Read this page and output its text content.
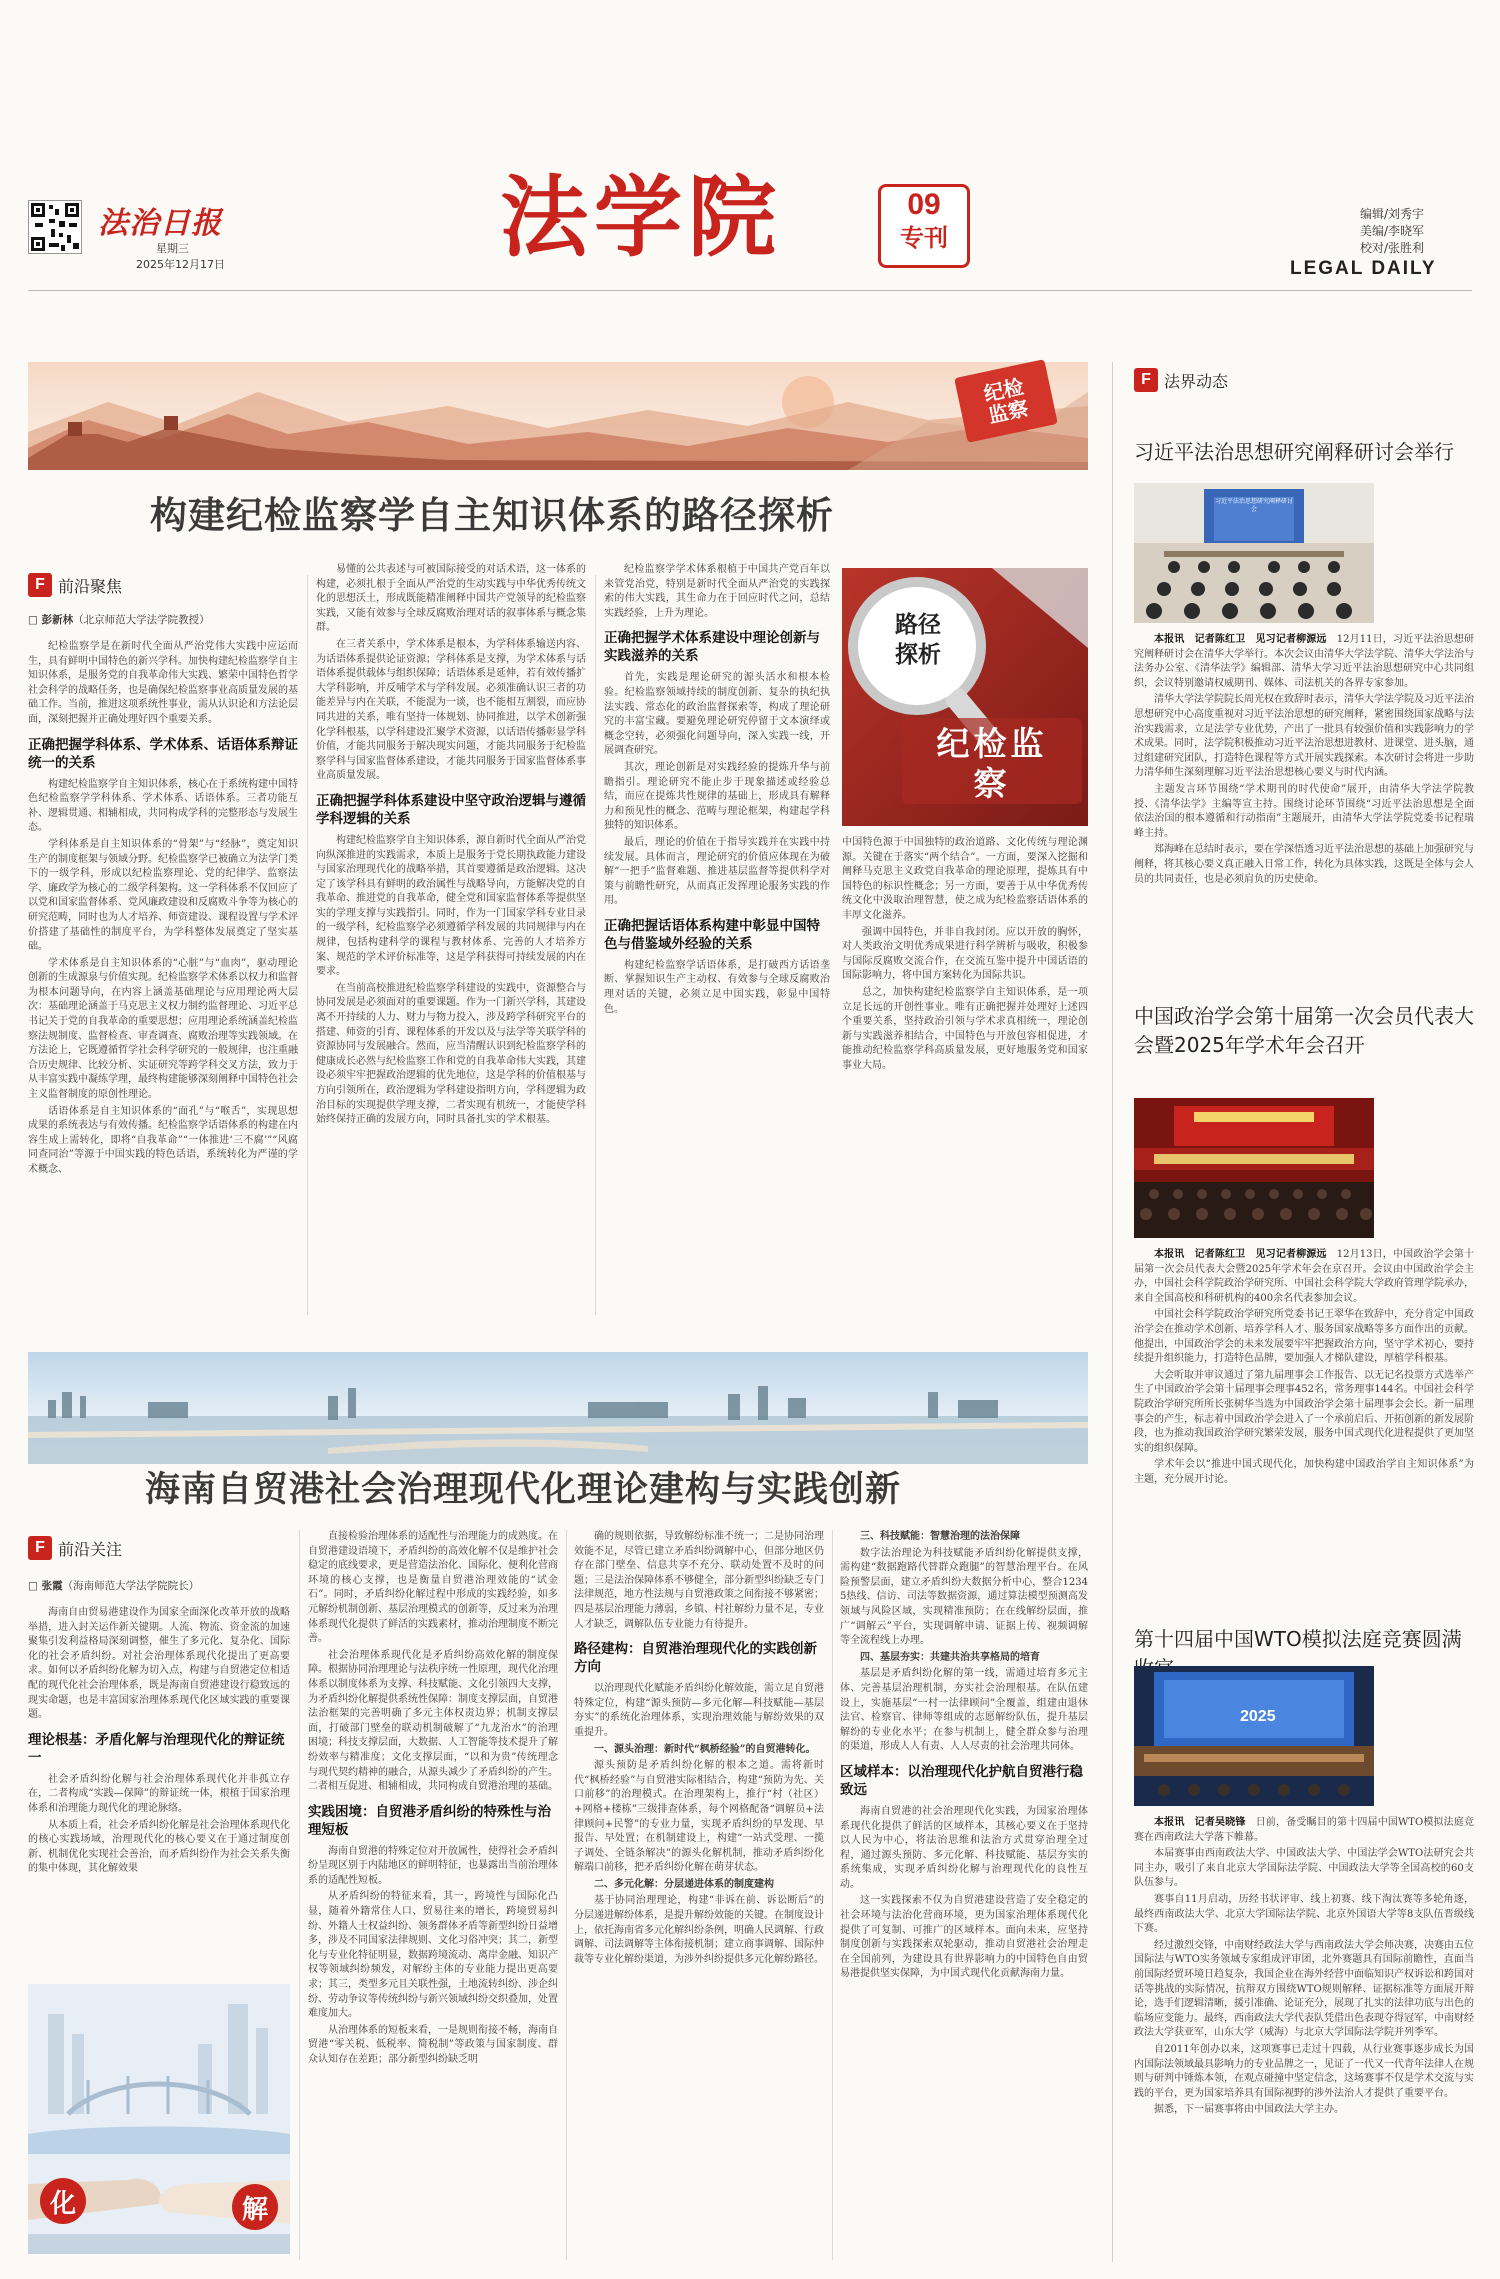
法治日报
星期三
2025年12月17日	法学院	09
专刊
编辑/刘秀宇
美编/李晓军
校对/张胜利
LEGAL DAILY
纪检监察
构建纪检监察学自主知识体系的路径探析
F 前沿聚焦
□ 彭新林（北京师范大学法学院教授）

纪检监察学是在新时代全面从严治党伟大实践中应运而生，具有鲜明中国特色的新兴学科。加快构建纪检监察学自主知识体系，是服务党的自我革命伟大实践、繁荣中国特色哲学社会科学的战略任务，也是确保纪检监察事业高质量发展的基础工作。当前，推进这项系统性事业，需从认识论和方法论层面，深刻把握并正确处理好四个重要关系。

正确把握学科体系、学术体系、话语体系辩证统一的关系

构建纪检监察学自主知识体系，核心在于系统构建中国特色纪检监察学学科体系、学术体系、话语体系。三者功能互补、逻辑贯通、相辅相成，共同构成学科的完整形态与发展生态。

学科体系是自主知识体系的“骨架”与“经脉”，奠定知识生产的制度框架与领域分野。纪检监察学已被确立为法学门类下的一级学科，形成以纪检监察理论、党的纪律学、监察法学、廉政学为核心的二级学科架构。这一学科体系不仅回应了以党和国家监督体系、党风廉政建设和反腐败斗争等为核心的研究范畴，同时也为人才培养、师资建设、课程设置与学术评价搭建了基础性的制度平台，为学科整体发展奠定了坚实基础。

学术体系是自主知识体系的“心脏”与“血肉”，驱动理论创新的生成源泉与价值实现。纪检监察学术体系以权力和监督为根本问题导向，在内容上涵盖基础理论与应用理论两大层次：基础理论涵盖于马克思主义权力制约监督理论、习近平总书记关于党的自我革命的重要思想；应用理论系统涵盖纪检监察法规制度、监督检查、审查调查、腐败治理等实践领域。在方法论上，它既遵循哲学社会科学研究的一般规律，也注重融合历史规律、比较分析、实证研究等跨学科交叉方法，致力于从丰富实践中凝练学理，最终构建能够深刻阐释中国特色社会主义监督制度的原创性理论。

话语体系是自主知识体系的“面孔”与“喉舌”，实现思想成果的系统表达与有效传播。纪检监察学话语体系的构建在内容生成上需转化，即将“自我革命”“一体推进‘三不腐’”“风腐同查同治”等源于中国实践的特色话语，系统转化为严谨的学术概念、

易懂的公共表述与可被国际接受的对话术语，这一体系的构建，必须扎根于全面从严治党的生动实践与中华优秀传统文化的思想沃土，形成既能精准阐释中国共产党领导的纪检监察实践，又能有效参与全球反腐败治理对话的叙事体系与概念集群。

在三者关系中，学术体系是根本，为学科体系输送内容、为话语体系提供论证资源；学科体系是支撑，为学术体系与话语体系提供载体与组织保障；话语体系是延伸，若有效传播扩大学科影响，并反哺学术与学科发展。必须准确认识三者的功能差异与内在关联，不能混为一谈，也不能相互割裂，而应协同共进的关系，唯有坚持一体规划、协同推进，以学术创新强化学科根基，以学科建设汇聚学术资源，以话语传播彰显学科价值，才能共同服务于解决现实问题，才能共同服务于纪检监察学科与国家监督体系建设，才能共同服务于国家监督体系事业高质量发展。

正确把握学科体系建设中坚守政治逻辑与遵循学科逻辑的关系

构建纪检监察学自主知识体系，源自新时代全面从严治党向纵深推进的实践需求，本质上是服务于党长期执政能力建设与国家治理现代化的战略举措，其首要遵循是政治逻辑。这决定了该学科具有鲜明的政治属性与战略导向，方能解决党的自我革命、推进党的自我革命，健全党和国家监督体系等提供坚实的学理支撑与实践指引。同时，作为一门国家学科专业目录的一级学科，纪检监察学必须遵循学科发展的共同规律与内在规律，包括构建科学的课程与教材体系、完善的人才培养方案、规范的学术评价标准等，这是学科获得可持续发展的内在要求。

在当前高校推进纪检监察学科建设的实践中，资源整合与协同发展是必须面对的重要课题。作为一门新兴学科，其建设离不开持续的人力、财力与物力投入，涉及跨学科研究平台的搭建、师资的引育、课程体系的开发以及与法学等关联学科的资源协同与发展融合。然而，应当清醒认识到纪检监察学科的健康成长必然与纪检监察工作和党的自我革命伟大实践，其建设必须牢牢把握政治逻辑的优先地位，这是学科的价值根基与方向引领所在，政治逻辑为学科建设指明方向，学科逻辑为政治目标的实现提供学理支撑，二者实现有机统一，才能使学科始终保持正确的发展方向，同时具备扎实的学术根基。

纪检监察学学术体系根植于中国共产党百年以来管党治党，特别是新时代全面从严治党的实践探索的伟大实践，其生命力在于回应时代之问，总结实践经验，上升为理论。

正确把握学术体系建设中理论创新与实践滋养的关系

首先，实践是理论研究的源头活水和根本检验。纪检监察领域持续的制度创新、复杂的执纪执法实践、常态化的政治监督探索等，构成了理论研究的丰富宝藏。要避免理论研究停留于文本演绎或概念空转，必须强化问题导向，深入实践一线，开展调查研究。

其次，理论创新是对实践经验的提炼升华与前瞻指引。理论研究不能止步于现象描述或经验总结，而应在提炼共性规律的基础上，形成具有解释力和预见性的概念、范畴与理论框架，构建起学科独特的知识体系。

最后，理论的价值在于指导实践并在实践中持续发展。具体而言，理论研究的价值应体现在为破解“一把手”监督难题、推进基层监督等提供科学对策与前瞻性研究，从而真正发挥理论服务实践的作用。

正确把握话语体系构建中彰显中国特色与借鉴域外经验的关系

构建纪检监察学话语体系，是打破西方话语垄断、掌握知识生产主动权、有效参与全球反腐败治理对话的关键，必须立足中国实践，彰显中国特色。

路径
探析
纪检监察

中国特色源于中国独特的政治道路、文化传统与理论渊源。关键在于落实“两个结合”。一方面，要深入挖掘和阐释马克思主义政党自我革命的理论原理，提炼具有中国特色的标识性概念；另一方面，要善于从中华优秀传统文化中汲取治理智慧，使之成为纪检监察话语体系的丰厚文化滋养。

强调中国特色，并非自我封闭。应以开放的胸怀，对人类政治文明优秀成果进行科学辨析与吸收，积极参与国际反腐败交流合作，在交流互鉴中提升中国话语的国际影响力，将中国方案转化为国际共识。

总之，加快构建纪检监察学自主知识体系，是一项立足长远的开创性事业。唯有正确把握并处理好上述四个重要关系，坚持政治引领与学术求真相统一，理论创新与实践滋养相结合，中国特色与开放包容相促进，才能推动纪检监察学科高质量发展，更好地服务党和国家事业大局。

海南自贸港社会治理现代化理论建构与实践创新
F 前沿关注
□ 张霞（海南师范大学法学院院长）

海南自由贸易港建设作为国家全面深化改革开放的战略举措，进入封关运作新关键期。人流、物流、资金流的加速聚集引发利益格局深刻调整，催生了多元化、复杂化、国际化的社会矛盾纠纷。对社会治理体系现代化提出了更高要求。如何以矛盾纠纷化解为切入点，构建与自贸港定位相适配的现代化社会治理体系，既是海南自贸港建设行稳致远的现实命题，也是丰富国家治理体系现代化区域实践的重要课题。

理论根基：矛盾化解与治理现代化的辩证统一

社会矛盾纠纷化解与社会治理体系现代化并非孤立存在，二者构成“实践—保障”的辩证统一体，根植于国家治理体系和治理能力现代化的理论脉络。

从本质上看，社会矛盾纠纷化解是社会治理体系现代化的核心实践场域，治理现代化的核心要义在于通过制度创新、机制优化实现社会善治，而矛盾纠纷作为社会关系失衡的集中体现，其化解效果

化	解

直接检验治理体系的适配性与治理能力的成熟度。在自贸港建设语境下，矛盾纠纷的高效化解不仅是维护社会稳定的底线要求，更是营造法治化、国际化、便利化营商环境的核心支撑，也是衡量自贸港治理效能的“试金石”。同时，矛盾纠纷化解过程中形成的实践经验，如多元解纷机制创新、基层治理模式的创新等，反过来为治理体系现代化提供了鲜活的实践素材，推动治理制度不断完善。

社会治理体系现代化是矛盾纠纷高效化解的制度保障。根据协同治理理论与法秩序统一性原理，现代化治理体系以制度体系为支撑、科技赋能、文化引领四大支撑，为矛盾纠纷化解提供系统性保障：制度支撑层面，自贸港法治框架的完善明确了多元主体权责边界；机制支撑层面，打破部门壁垒的联动机制破解了“九龙治水”的治理困境；科技支撑层面，大数据、人工智能等技术提升了解纷效率与精准度；文化支撑层面，“以和为贵”传统理念与现代契约精神的融合，从源头减少了矛盾纠纷的产生。二者相互促进、相辅相成，共同构成自贸港治理的基础。

实践困境：自贸港矛盾纠纷的特殊性与治理短板

海南自贸港的特殊定位对开放属性，使得社会矛盾纠纷呈现区别于内陆地区的鲜明特征，也暴露出当前治理体系的适配性短板。

从矛盾纠纷的特征来看，其一，跨境性与国际化凸显，随着外籍常住人口、贸易往来的增长，跨境贸易纠纷、外籍人士权益纠纷、领务群体矛盾等新型纠纷日益增多，涉及不同国家法律规则、文化习俗冲突；其二，新型化与专业化特征明显，数据跨境流动、离岸金融、知识产权等领域纠纷频发，对解纷主体的专业能力提出更高要求；其三，类型多元且关联性强，土地流转纠纷、涉企纠纷、劳动争议等传统纠纷与新兴领域纠纷交织叠加，处置难度加大。

从治理体系的短板来看，一是规则衔接不畅，海南自贸港“零关税、低税率、简税制”等政策与国家制度、群众认知存在差距；部分新型纠纷缺乏明

确的规则依据，导致解纷标准不统一；二是协同治理效能不足，尽管已建立矛盾纠纷调解中心，但部分地区仍存在部门壁垒、信息共享不充分、联动处置不及时的问题；三是法治保障体系不够健全，部分新型纠纷缺乏专门法律规范，地方性法规与自贸港政策之间衔接不够紧密；四是基层治理能力薄弱，乡镇、村社解纷力量不足，专业人才缺乏，调解队伍专业能力有待提升。

路径建构：自贸港治理现代化的实践创新方向

以治理现代化赋能矛盾纠纷化解效能，需立足自贸港特殊定位，构建“源头预防—多元化解—科技赋能—基层夯实”的系统化治理体系，实现治理效能与解纷效果的双重提升。

一、源头治理：新时代“枫桥经验”的自贸港转化。

源头预防是矛盾纠纷化解的根本之道。需将新时代“枫桥经验”与自贸港实际相结合，构建“预防为先、关口前移”的治理模式。在治理架构上，推行“村（社区）+网格+楼栋”三级排查体系，每个网格配备“调解员+法律顾问+民警”的专业力量，实现矛盾纠纷的早发现、早报告、早处置；在机制建设上，构建“一站式受理、一揽子调处、全链条解决”的源头化解机制，推动矛盾纠纷化解端口前移，把矛盾纠纷化解在萌芽状态。

二、多元化解：分层递进体系的制度建构

基于协同治理理论，构建“非诉在前、诉讼断后”的分层递进解纷体系，是提升解纷效能的关键。在制度设计上，依托海南省多元化解纠纷条例，明确人民调解、行政调解、司法调解等主体衔接机制；建立商事调解、国际仲裁等专业化解纷渠道，为涉外纠纷提供多元化解纷路径。

三、科技赋能：智慧治理的法治保障

数字法治理论为科技赋能矛盾纠纷化解提供支撑，需构建“数据跑路代替群众跑腿”的智慧治理平台。在风险预警层面，建立矛盾纠纷大数据分析中心，整合12345热线、信访、司法等数据资源，通过算法模型预测高发领域与风险区域，实现精准预防；在在线解纷层面，推广“调解云”平台，实现调解申请、证据上传、视频调解等全流程线上办理。

四、基层夯实：共建共治共享格局的培育

基层是矛盾纠纷化解的第一线，需通过培育多元主体、完善基层治理机制，夯实社会治理根基。在队伍建设上，实施基层“一村一法律顾问”全覆盖，组建由退休法官、检察官、律师等组成的志愿解纷队伍，提升基层解纷的专业化水平；在参与机制上，健全群众参与治理的渠道，形成人人有责、人人尽责的社会治理共同体。

区域样本：以治理现代化护航自贸港行稳致远

海南自贸港的社会治理现代化实践，为国家治理体系现代化提供了鲜活的区域样本，其核心要义在于坚持以人民为中心，将法治思维和法治方式贯穿治理全过程，通过源头预防、多元化解、科技赋能、基层夯实的系统集成，实现矛盾纠纷化解与治理现代化的良性互动。

这一实践探索不仅为自贸港建设营造了安全稳定的社会环境与法治化营商环境，更为国家治理体系现代化提供了可复制、可推广的区域样本。面向未来，应坚持制度创新与实践探索双轮驱动，推动自贸港社会治理走在全国前列，为建设具有世界影响力的中国特色自由贸易港提供坚实保障，为中国式现代化贡献海南力量。

F 法界动态
习近平法治思想研究阐释研讨会举行
习近平法治思想研究阐释研讨会

本报讯　记者陈红卫　见习记者柳源远　 12月11日，习近平法治思想研究阐释研讨会在清华大学举行。本次会议由清华大学法学院、清华大学法治与法务办公室、《清华法学》编辑部、清华大学习近平法治思想研究中心共同组织，会议特别邀请权威期刊、媒体、司法机关的各界专家参加。

清华大学法学院院长周光权在致辞时表示，清华大学法学院及习近平法治思想研究中心高度重视对习近平法治思想的研究阐释，紧密围绕国家战略与法治实践需求，立足法学专业优势，产出了一批具有较强价值和实践影响力的学术成果。同时，法学院积极推动习近平法治思想进教材、进课堂、进头脑，通过组建研究团队，打造特色课程等方式开展实践探索。本次研讨会将进一步助力清华师生深刻理解习近平法治思想核心要义与时代内涵。

主题发言环节围绕“学术期刊的时代使命”展开，由清华大学法学院教授、《清华法学》主编等宣主持。围绕讨论环节围绕“习近平法治思想是全面依法治国的根本遵循和行动指南”主题展开，由清华大学法学院党委书记程瑞峰主持。

郑海峰在总结时表示，要在学深悟透习近平法治思想的基础上加强研究与阐释，将其核心要义真正融入日常工作，转化为具体实践，这既是全体与会人员的共同责任，也是必须肩负的历史使命。

中国政治学会第十届第一次会员代表大会暨2025年学术年会召开

本报讯　记者陈红卫　见习记者柳源远　 12月13日，中国政治学会第十届第一次会员代表大会暨2025年学术年会在京召开。会议由中国政治学会主办，中国社会科学院政治学研究所、中国社会科学院大学政府管理学院承办，来自全国高校和科研机构的400余名代表参加会议。

中国社会科学院政治学研究所党委书记王翠华在致辞中，充分肯定中国政治学会在推动学术创新、培养学科人才、服务国家战略等多方面作出的贡献。他提出，中国政治学会的未来发展要牢牢把握政治方向，坚守学术初心，要持续提升组织能力，打造特色品牌，要加强人才梯队建设，厚植学科根基。

大会听取并审议通过了第九届理事会工作报告、以无记名投票方式选举产生了中国政治学会第十届理事会理事452名，常务理事144名。中国社会科学院政治学研究所所长张树华当选为中国政治学会第十届理事会会长。新一届理事会的产生，标志着中国政治学会进入了一个承前启后、开拓创新的新发展阶段，也为推动我国政治学研究繁荣发展，服务中国式现代化进程提供了更加坚实的组织保障。

学术年会以“推进中国式现代化，加快构建中国政治学自主知识体系”为主题，充分展开讨论。

第十四届中国WTO模拟法庭竞赛圆满
2025

本报讯　记者吴晓锋　 日前，备受瞩目的第十四届中国WTO模拟法庭竞赛在西南政法大学落下帷幕。

本届赛事由西南政法大学、中国政法大学、中国法学会WTO法研究会共同主办，吸引了来自北京大学国际法学院、中国政法大学等全国高校的60支队伍参与。

赛事自11月启动，历经书状评审、线上初赛、线下淘汰赛等多轮角逐，最终西南政法大学、北京大学国际法学院、北京外国语大学等8支队伍晋级线下赛。

经过激烈交锋，中南财经政法大学与西南政法大学会师决赛，决赛由五位国际法与WTO实务领域专家组成评审团，北外赛题具有国际前瞻性，直面当前国际经贸环境日趋复杂，我国企业在海外经营中面临知识产权诉讼和跨国对话等挑战的实际情况，抗辩双方围绕WTO规则解释、证据标准等方面展开辩论，选手们逻辑清晰，援引准确、论证充分，展现了扎实的法律功底与出色的临场应变能力。最终，西南政法大学代表队凭借出色表现夺得冠军，中南财经政法大学获亚军，山东大学（威海）与北京大学国际法学院并列季军。

自2011年创办以来，这项赛事已走过十四载，从行业赛事逐步成长为国内国际法领域最具影响力的专业品牌之一，见证了一代又一代青年法律人在规则与研判中锤炼本领，在观点碰撞中坚定信念，这场赛事不仅是学术交流与实践的平台，更为国家培养具有国际视野的涉外法治人才提供了重要平台。

据悉，下一届赛事将由中国政法大学主办。
